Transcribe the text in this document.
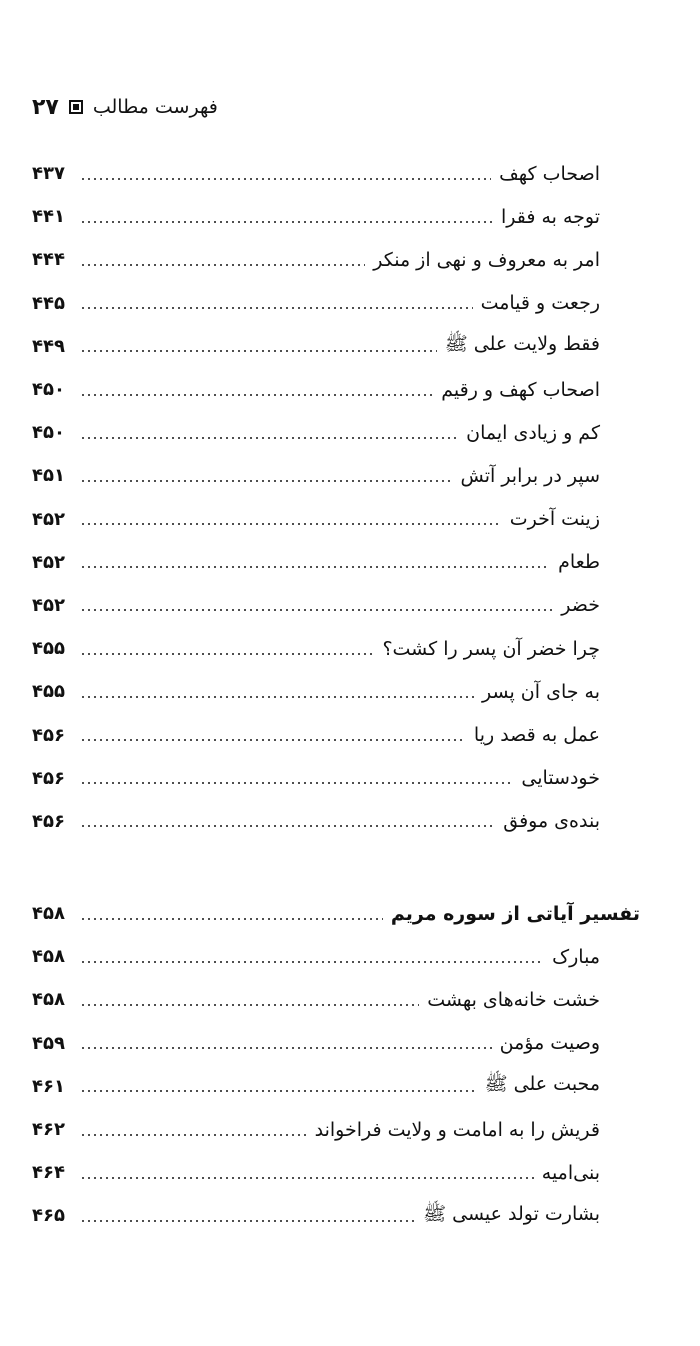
۲۷ فهرست مطالب
اصحاب کهف
۴۳۷
توجه به فقرا
۴۴۱
امر به معروف و نهی از منکر
۴۴۴
رجعت و قیامت
۴۴۵
فقط ولایت علی ﷺ
۴۴۹
اصحاب کهف و رقیم
۴۵۰
کم و زیادی ایمان
۴۵۰
سپر در برابر آتش
۴۵۱
زینت آخرت
۴۵۲
طعام
۴۵۲
خضر
۴۵۲
چرا خضر آن پسر را کشت؟
۴۵۵
به جای آن پسر
۴۵۵
عمل به قصد ریا
۴۵۶
خودستایی
۴۵۶
بنده‌ی موفق
۴۵۶
تفسیر آیاتی از سوره مریم
۴۵۸
مبارک
۴۵۸
خشت خانه‌های بهشت
۴۵۸
وصیت مؤمن
۴۵۹
محبت علی ﷺ
۴۶۱
قریش را به امامت و ولایت فراخواند
۴۶۲
بنی‌امیه
۴۶۴
بشارت تولد عیسی ﷺ
۴۶۵
